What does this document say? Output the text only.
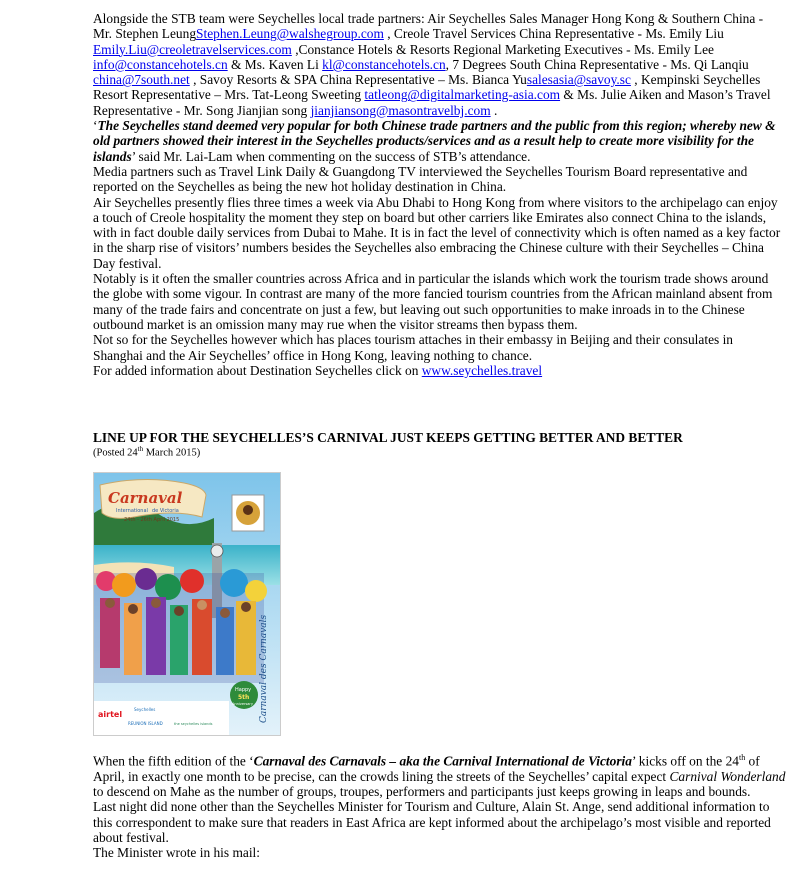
Alongside the STB team were Seychelles local trade partners: Air Seychelles Sales Manager Hong Kong & Southern China - Mr. Stephen LeungStephen.Leung@walshegroup.com , Creole Travel Services China Representative - Ms. Emily Liu Emily.Liu@creoletravelservices.com ,Constance Hotels & Resorts Regional Marketing Executives - Ms. Emily Lee info@constancehotels.cn & Ms. Kaven Li kl@constancehotels.cn, 7 Degrees South China Representative - Ms. Qi Lanqiu china@7south.net , Savoy Resorts & SPA China Representative – Ms. Bianca Yusalesasia@savoy.sc , Kempinski Seychelles Resort Representative – Mrs. Tat-Leong Sweeting tatleong@digitalmarketing-asia.com & Ms. Julie Aiken and Mason’s Travel Representative - Mr. Song Jianjian song jianjiansong@masontravelbj.com .

‘The Seychelles stand deemed very popular for both Chinese trade partners and the public from this region; whereby new & old partners showed their interest in the Seychelles products/services and as a result help to create more visibility for the islands’ said Mr. Lai-Lam when commenting on the success of STB’s attendance.

Media partners such as Travel Link Daily & Guangdong TV interviewed the Seychelles Tourism Board representative and reported on the Seychelles as being the new hot holiday destination in China.

Air Seychelles presently flies three times a week via Abu Dhabi to Hong Kong from where visitors to the archipelago can enjoy a touch of Creole hospitality the moment they step on board but other carriers like Emirates also connect China to the islands, with in fact double daily services from Dubai to Mahe. It is in fact the level of connectivity which is often named as a key factor in the sharp rise of visitors’ numbers besides the Seychelles also embracing the Chinese culture with their Seychelles – China Day festival.

Notably is it often the smaller countries across Africa and in particular the islands which work the tourism trade shows around the globe with some vigour. In contrast are many of the more fancied tourism countries from the African mainland absent from many of the trade fairs and concentrate on just a few, but leaving out such opportunities to make inroads in to the Chinese outbound market is an omission many may rue when the visitor streams then bypass them.

Not so for the Seychelles however which has places tourism attaches in their embassy in Beijing and their consulates in Shanghai and the Air Seychelles’ office in Hong Kong, leaving nothing to chance.

For added information about Destination Seychelles click on www.seychelles.travel

LINE UP FOR THE SEYCHELLES’S CARNIVAL JUST KEEPS GETTING BETTER AND BETTER
(Posted 24th March 2015)
Carnaval
International de Victoria
24th - 26th April 2015
Carnaval des Carnavals
Happy
5th
Anniversary
airtel
Seychelles
REUNION ISLAND	the seychelles islands

When the fifth edition of the ‘Carnaval des Carnavals – aka the Carnival International de Victoria’ kicks off on the 24th of April, in exactly one month to be precise, can the crowds lining the streets of the Seychelles’ capital expect Carnival Wonderland to descend on Mahe as the number of groups, troupes, performers and participants just keeps growing in leaps and bounds.

Last night did none other than the Seychelles Minister for Tourism and Culture, Alain St. Ange, send additional information to this correspondent to make sure that readers in East Africa are kept informed about the archipelago’s most visible and reported about festival.

The Minister wrote in his mail:
